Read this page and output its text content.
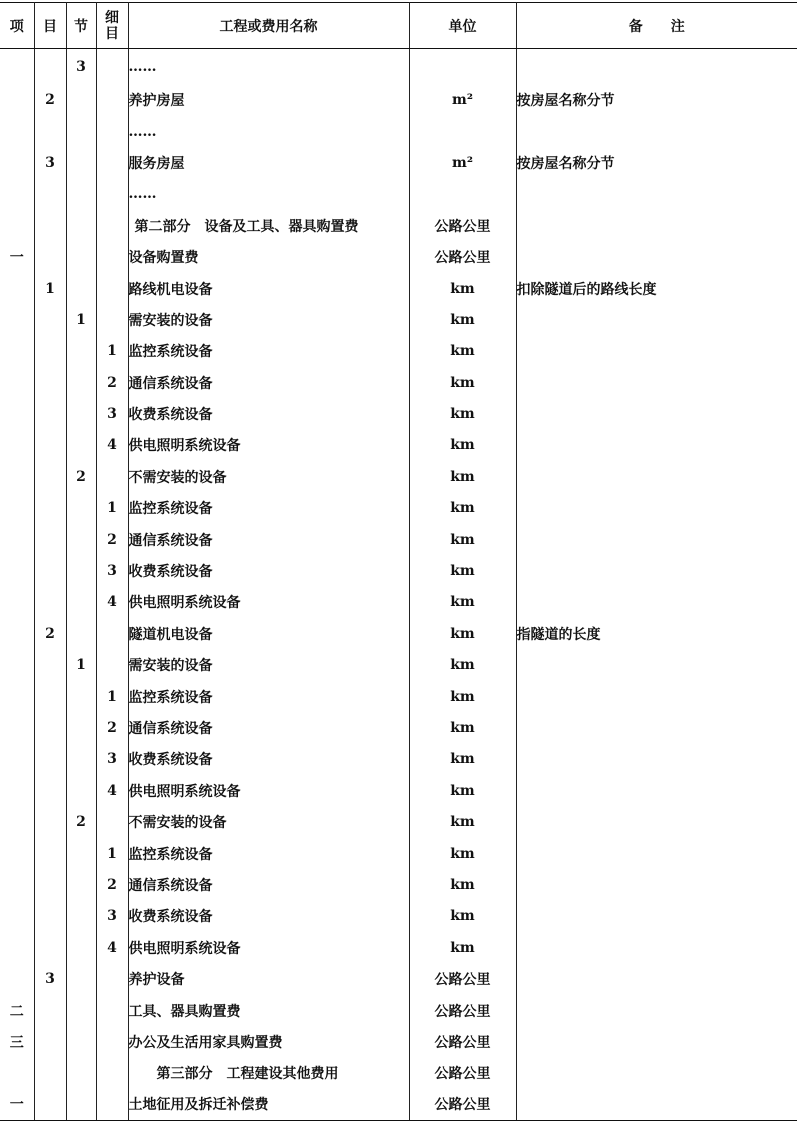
项	目	节	细目	工程或费用名称	单位	备　　注
		3		……		
	2			养护房屋	m²	按房屋名称分节
				……		
	3			服务房屋	m²	按房屋名称分节
				……		
				第二部分　设备及工具、器具购置费	公路公里	
一				设备购置费	公路公里	
	1			路线机电设备	km	扣除隧道后的路线长度
		1		需安装的设备	km	
			1	监控系统设备	km	
			2	通信系统设备	km	
			3	收费系统设备	km	
			4	供电照明系统设备	km	
		2		不需安装的设备	km	
			1	监控系统设备	km	
			2	通信系统设备	km	
			3	收费系统设备	km	
			4	供电照明系统设备	km	
	2			隧道机电设备	km	指隧道的长度
		1		需安装的设备	km	
			1	监控系统设备	km	
			2	通信系统设备	km	
			3	收费系统设备	km	
			4	供电照明系统设备	km	
		2		不需安装的设备	km	
			1	监控系统设备	km	
			2	通信系统设备	km	
			3	收费系统设备	km	
			4	供电照明系统设备	km	
	3			养护设备	公路公里	
二				工具、器具购置费	公路公里	
三				办公及生活用家具购置费	公路公里	
				第三部分　工程建设其他费用	公路公里	
一				土地征用及拆迁补偿费	公路公里	
